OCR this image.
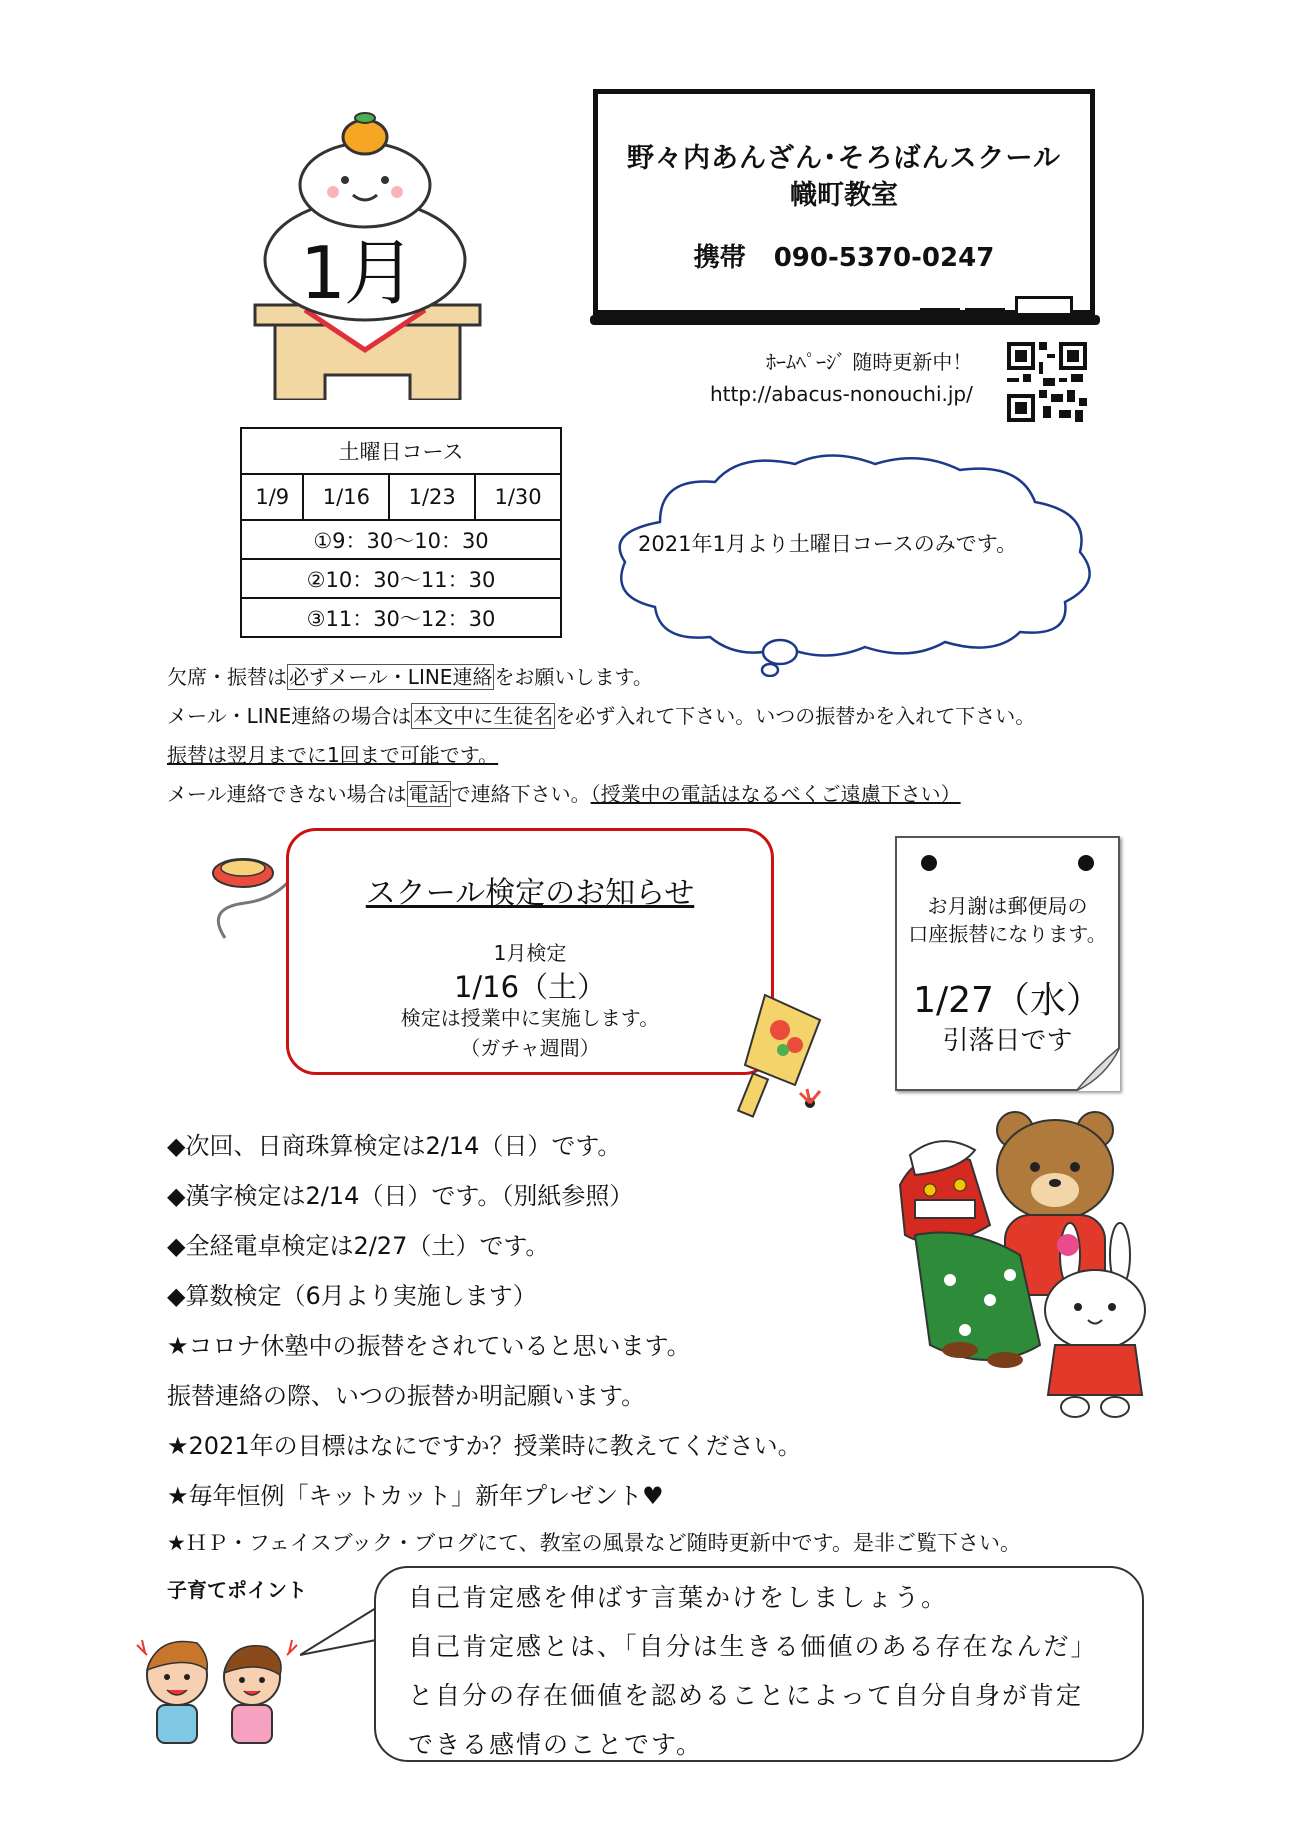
1月
野々内あんざん･そろばんスクール
幟町教室
携帯 090-5370-0247
ﾎｰﾑﾍﾟｰｼﾞ 随時更新中！
http://abacus-nonouchi.jp/
土曜日コース
1/9	1/16	1/23	1/30
①9：30～10：30
②10：30～11：30
③11：30～12：30
2021年1月より土曜日コースのみです。
欠席・振替は 必ずメール・LINE連絡 をお願いします。
メール・LINE連絡の場合は 本文中に生徒名 を必ず入れて下さい。いつの振替かを入れて下さい。
振替は翌月までに1回まで可能です。
メール連絡できない場合は 電話 で連絡下さい。（授業中の電話はなるべくご遠慮下さい）
スクール検定のお知らせ
1月検定
1/16（土）
検定は授業中に実施します。
（ガチャ週間）
お月謝は郵便局の
口座振替になります。
1/27（水）
引落日です
◆次回、日商珠算検定は2/14（日）です。
◆漢字検定は2/14（日）です。（別紙参照）
◆全経電卓検定は2/27（土）です。
◆算数検定（6月より実施します）
★コロナ休塾中の振替をされていると思います。
振替連絡の際、いつの振替か明記願います。
★2021年の目標はなにですか？授業時に教えてください。
★毎年恒例「キットカット」新年プレゼント♥
★ＨＰ・フェイスブック・ブログにて、教室の風景など随時更新中です。是非ご覧下さい。
子育てポイント	自己肯定感を伸ばす言葉かけをしましょう。
自己肯定感とは、「自分は生きる価値のある存在なんだ」
と自分の存在価値を認めることによって自分自身が肯定
できる感情のことです。
